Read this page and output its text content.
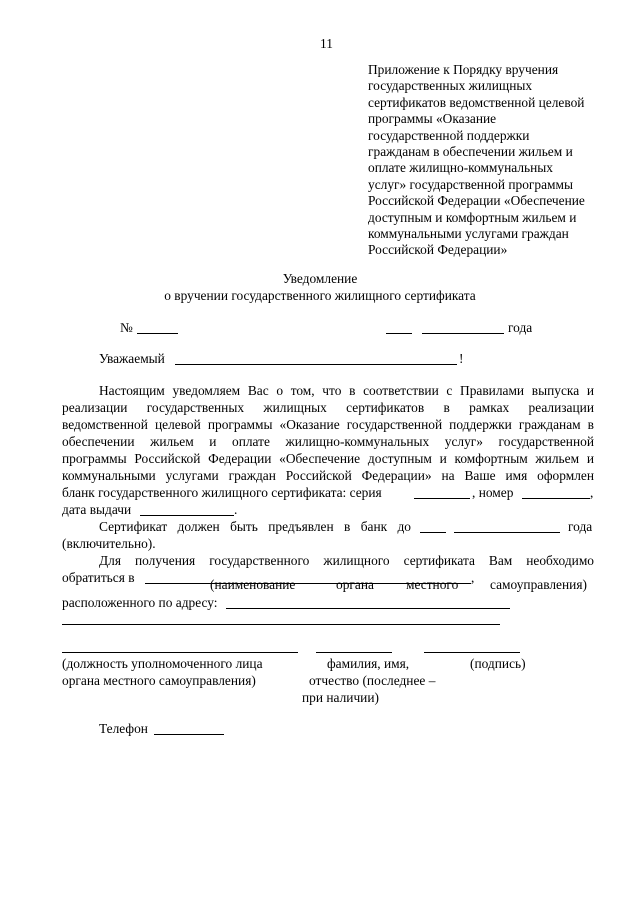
11
Приложение к Порядку вручения
государственных жилищных
сертификатов ведомственной целевой
программы «Оказание
государственной поддержки
гражданам в обеспечении жильем и
оплате жилищно-коммунальных
услуг» государственной программы
Российской Федерации «Обеспечение
доступным и комфортным жильем и
коммунальными услугами граждан
Российской Федерации»
Уведомление
о вручении государственного жилищного сертификата
№	года
Уважаемый	!
Настоящим уведомляем Вас о том, что в соответствии с Правилами выпуска и
реализации государственных жилищных сертификатов в рамках реализации
ведомственной целевой программы «Оказание государственной поддержки гражданам в
обеспечении жильем и оплате жилищно-коммунальных услуг» государственной
программы Российской Федерации «Обеспечение доступным и комфортным жильем и
коммунальными услугами граждан Российской Федерации» на Ваше имя оформлен
бланк государственного жилищного сертификата: серия	, номер	,
дата выдачи	.
Сертификат должен быть предъявлен в банк до	года
(включительно).
Для получения государственного жилищного сертификата Вам необходимо
обратиться в	,
(наименование	органа местного самоуправления)
расположенного по адресу:
(должность уполномоченного лица
органа местного самоуправления)
фамилия, имя,
отчество (последнее –
при наличии)
(подпись)
Телефон
